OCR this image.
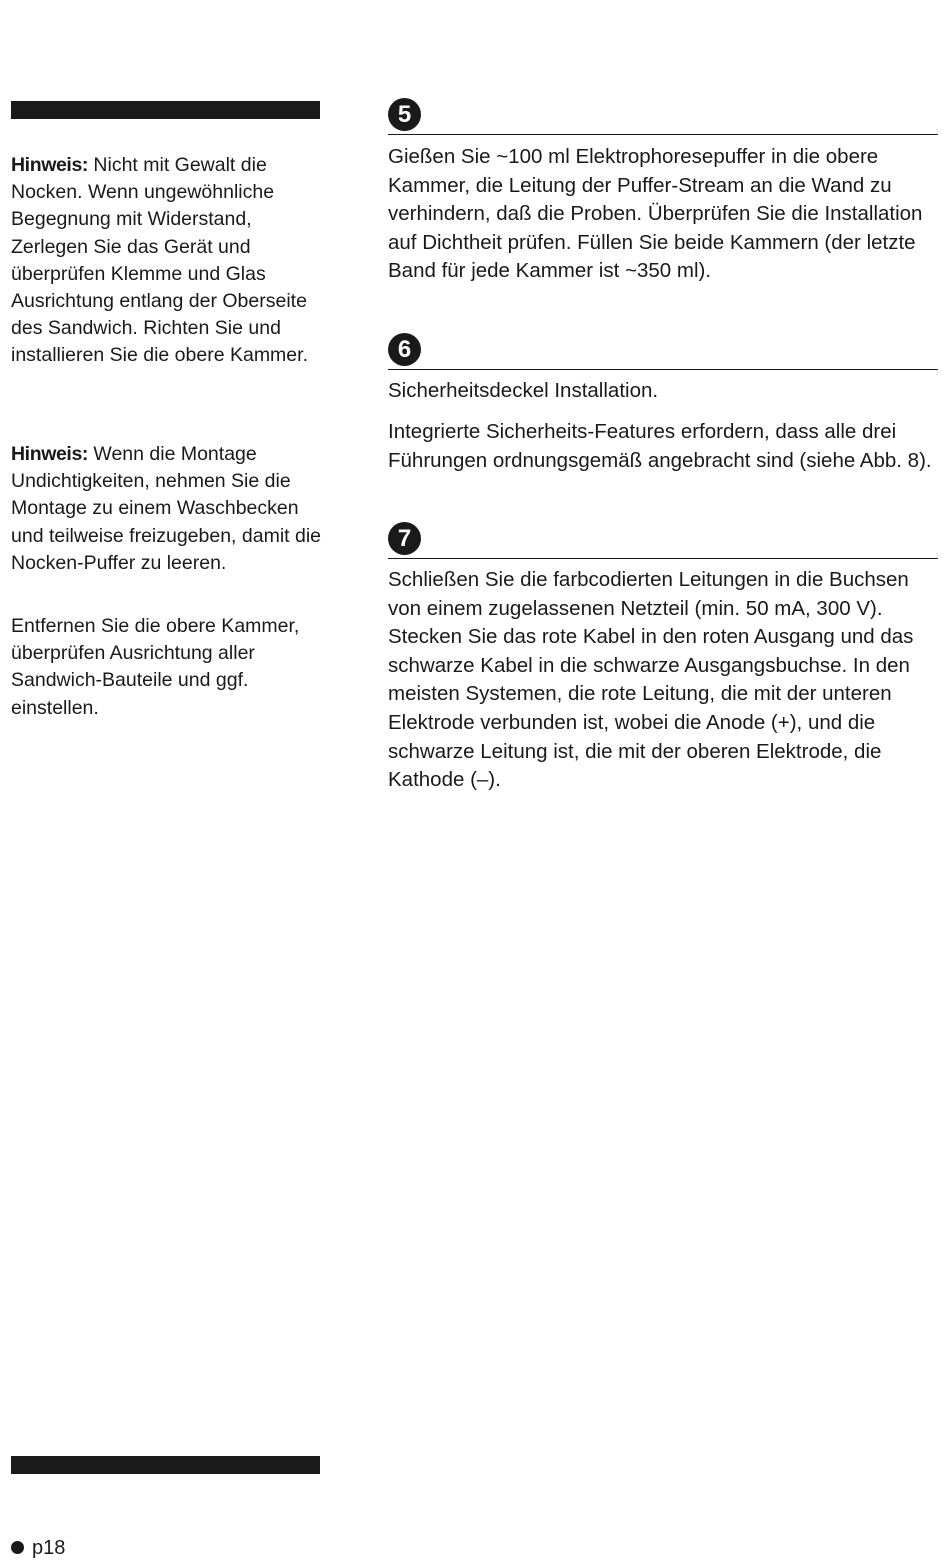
Hinweis: Nicht mit Gewalt die Nocken. Wenn ungewöhnliche Begegnung mit Widerstand, Zerlegen Sie das Gerät und überprüfen Klemme und Glas Ausrichtung entlang der Oberseite des Sandwich. Richten Sie und installieren Sie die obere Kammer.

Hinweis: Wenn die Montage Undichtigkeiten, nehmen Sie die Montage zu einem Waschbecken und teilweise freizugeben, damit die Nocken-Puffer zu leeren.

Entfernen Sie die obere Kammer, überprüfen Ausrichtung aller Sandwich-Bauteile und ggf. einstellen.

5

Gießen Sie ~100 ml Elektrophoresepuffer in die obere Kammer, die Leitung der Puffer-Stream an die Wand zu verhindern, daß die Proben. Überprüfen Sie die Installation auf Dichtheit prüfen. Füllen Sie beide Kammern (der letzte Band für jede Kammer ist ~350 ml).

6

Sicherheitsdeckel Installation.

Integrierte Sicherheits-Features erfordern, dass alle drei Führungen ordnungsgemäß angebracht sind (siehe Abb. 8).

7

Schließen Sie die farbcodierten Leitungen in die Buchsen von einem zugelassenen Netzteil (min. 50 mA, 300 V). Stecken Sie das rote Kabel in den roten Ausgang und das schwarze Kabel in die schwarze Ausgangsbuchse. In den meisten Systemen, die rote Leitung, die mit der unteren Elektrode verbunden ist, wobei die Anode (+), und die schwarze Leitung ist, die mit der oberen Elektrode, die Kathode (–).

p18
